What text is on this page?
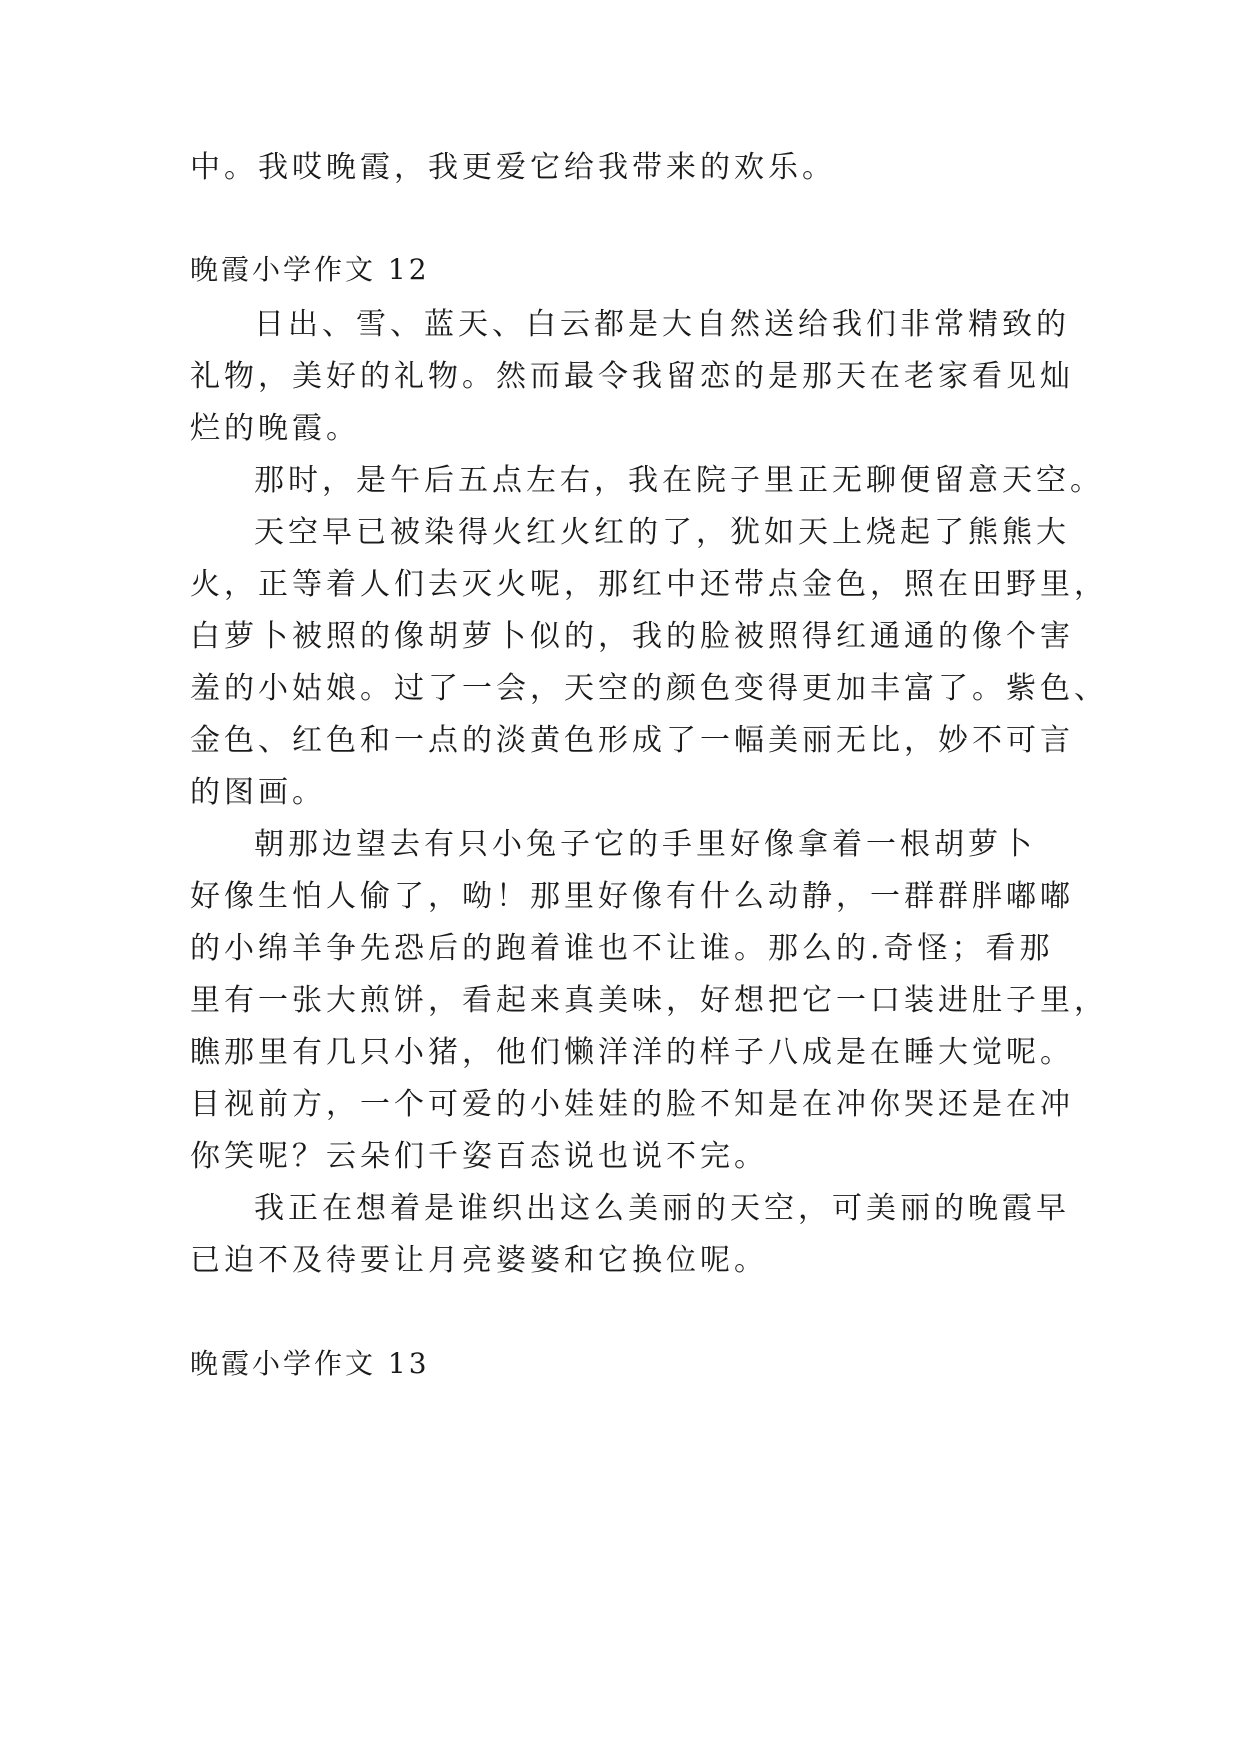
中。我哎晚霞，我更爱它给我带来的欢乐。
晚霞小学作文 12
日出、雪、蓝天、白云都是大自然送给我们非常精致的
礼物，美好的礼物。然而最令我留恋的是那天在老家看见灿
烂的晚霞。
那时，是午后五点左右，我在院子里正无聊便留意天空。
天空早已被染得火红火红的了，犹如天上烧起了熊熊大
火，正等着人们去灭火呢，那红中还带点金色，照在田野里，
白萝卜被照的像胡萝卜似的，我的脸被照得红通通的像个害
羞的小姑娘。过了一会，天空的颜色变得更加丰富了。紫色、
金色、红色和一点的淡黄色形成了一幅美丽无比，妙不可言
的图画。
朝那边望去有只小兔子它的手里好像拿着一根胡萝卜
好像生怕人偷了，呦！那里好像有什么动静，一群群胖嘟嘟
的小绵羊争先恐后的跑着谁也不让谁。那么的.奇怪；看那
里有一张大煎饼，看起来真美味，好想把它一口装进肚子里，
瞧那里有几只小猪，他们懒洋洋的样子八成是在睡大觉呢。
目视前方，一个可爱的小娃娃的脸不知是在冲你哭还是在冲
你笑呢？云朵们千姿百态说也说不完。
我正在想着是谁织出这么美丽的天空，可美丽的晚霞早
已迫不及待要让月亮婆婆和它换位呢。
晚霞小学作文 13
